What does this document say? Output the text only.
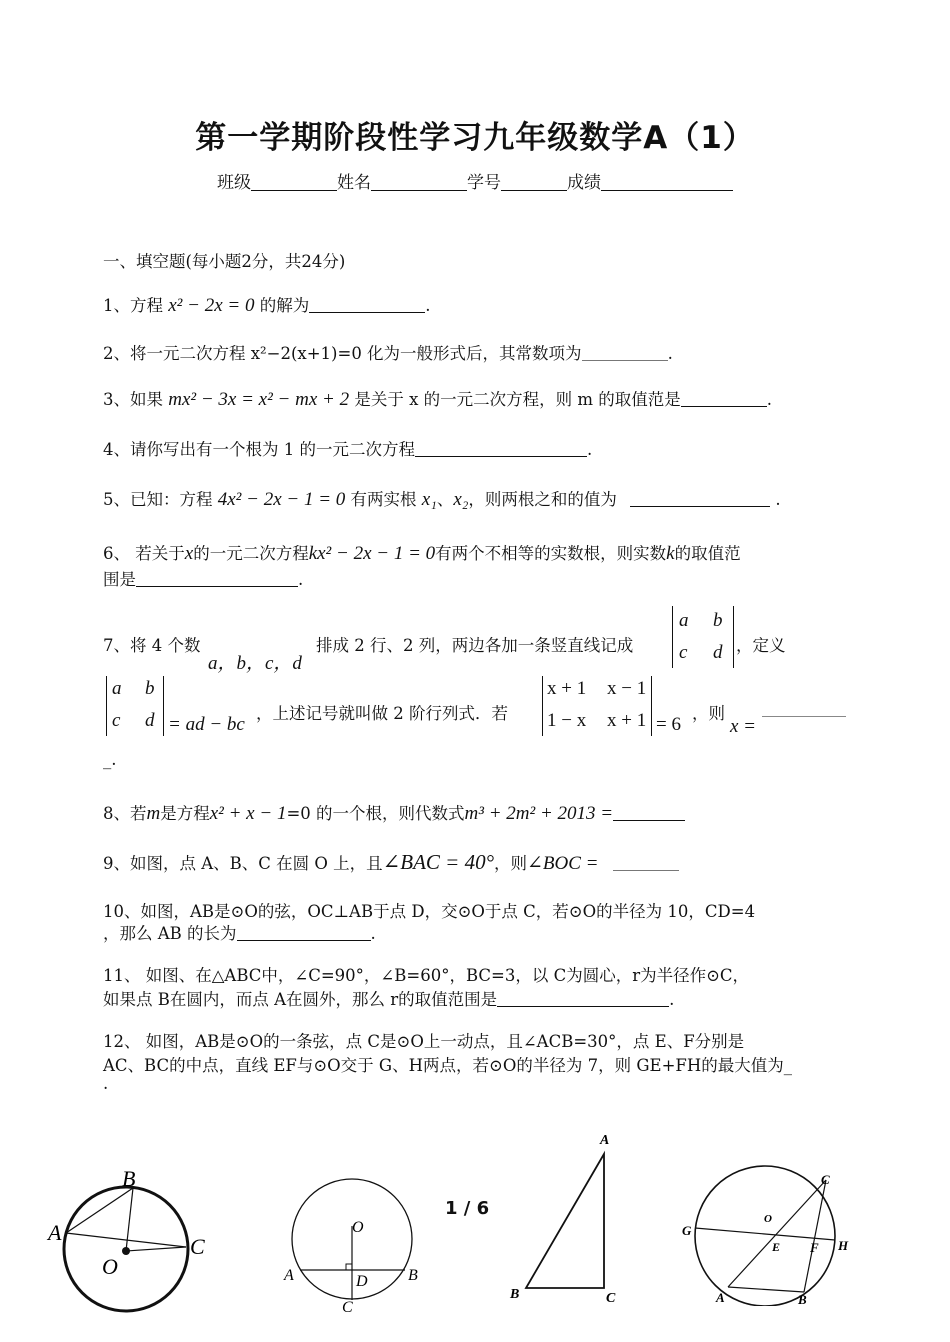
第一学期阶段性学习九年级数学A（1）
班级	姓名	学号	成绩
一、填空题(每小题2分，共24分)
1、方程 x² − 2x = 0 的解为	.
2、将一元二次方程 x²−2(x+1)=0 化为一般形式后，其常数项为	.
3、如果 mx² − 3x = x² − mx + 2 是关于 x 的一元二次方程，则 m 的取值范是	.
4、请你写出有一个根为 1 的一元二次方程	.
5、已知：方程 4x² − 2x − 1 = 0 有两实根 x₁、x₂，则两根之和的值为	.
6、 若关于x的一元二次方程kx² − 2x − 1 = 0有两个不相等的实数根，则实数k的取值范
围是	.
7、将 4 个数
a，b，c，d
排成 2 行、2 列，两边各加一条竖直线记成
a b
c d ，定义
a b
c d = ad − bc
，上述记号就叫做 2 阶行列式．若
x + 1 x − 1
1 − x x + 1 = 6
，则
x =
_.
8、若m是方程x² + x − 1=0 的一个根，则代数式m³ + 2m² + 2013 =
9、如图，点 A、B、C 在圆 O 上，且∠BAC = 40°，则∠BOC =
10、如图，AB是⊙O的弦，OC⊥AB于点 D，交⊙O于点 C，若⊙O的半径为 10，CD=4
，那么 AB 的长为	.
11、 如图、在△ABC中，∠C=90°，∠B=60°，BC=3，以 C为圆心，r为半径作⊙C，
如果点 B在圆内，而点 A在圆外，那么 r的取值范围是	.
12、 如图，AB是⊙O的一条弦，点 C是⊙O上一动点，且∠ACB=30°，点 E、F分别是
AC、BC的中点，直线 EF与⊙O交于 G、H两点，若⊙O的半径为 7，则 GE+FH的最大值为_
.
A
B
C
O
O
A	B
D
C
1 / 6
A
B	C
C
O
G
E F H
A	B
